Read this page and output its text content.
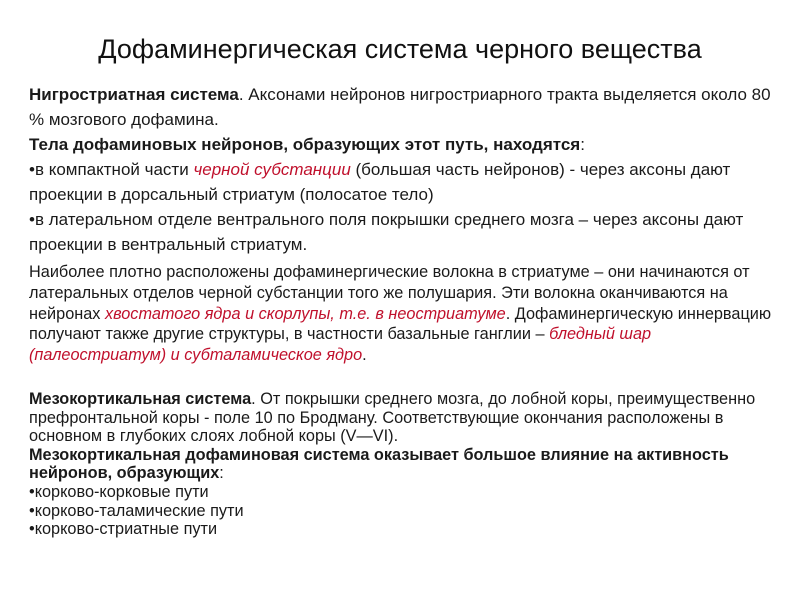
Дофаминергическая система черного вещества

Нигростриатная система. Аксонами нейронов нигростриарного тракта выделяется около 80 % мозгового дофамина.

Тела дофаминовых нейронов, образующих этот путь, находятся:

•в компактной части черной субстанции (большая часть нейронов) - через аксоны дают проекции в дорсальный стриатум (полосатое тело)

•в латеральном отделе вентрального поля покрышки среднего мозга – через аксоны дают проекции в вентральный стриатум.

Наиболее плотно расположены дофаминергические волокна в стриатуме – они начинаются от латеральных отделов черной субстанции того же полушария. Эти волокна оканчиваются на нейронах хвостатого ядра и скорлупы, т.е. в неостриатуме. Дофаминергическую иннервацию получают также другие структуры, в частности базальные ганглии – бледный шар (палеостриатум) и субталамическое ядро.

Мезокортикальная система. От покрышки среднего мозга, до лобной коры, преимущественно префронтальной коры - поле 10 по Бродману. Соответствующие окончания расположены в основном в глубоких слоях лобной коры (V—VI).

Мезокортикальная дофаминовая система оказывает большое влияние на активность нейронов, образующих:

•корково-корковые пути

•корково-таламические пути

•корково-стриатные пути
